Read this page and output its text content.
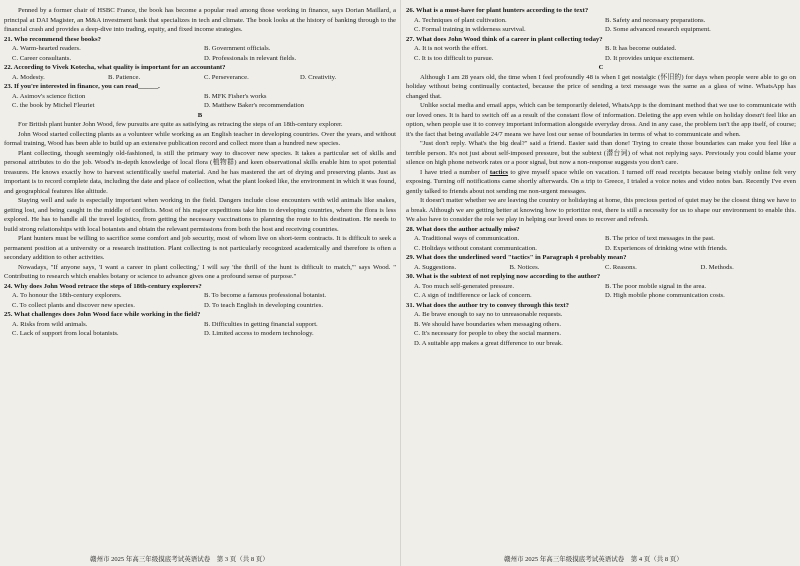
Penned by a former chair of HSBC France, the book has become a popular read among those working in finance, says Dorian Maillard, a principal at DAI Magister, an M&A investment bank that specializes in tech and climate. The book looks at the history of banking through to the financial crash and provides a deep-dive into trading, equity, and fixed income strategies.

21. Who recommend these books?
A. Warm-hearted readers.	B. Government officials.
C. Career consultants.	D. Professionals in relevant fields.
22. According to Vivek Kotecha, what quality is important for an accountant?
A. Modesty.	B. Patience.	C. Perseverance.	D. Creativity.
23. If you're interested in finance, you can read______.
A. Asimov's science fiction	B. MFK Fisher's works
C. the book by Michel Fleuriet	D. Matthew Baker's recommendation
B

For British plant hunter John Wood, few pursuits are quite as satisfying as retracing the steps of an 18th-century explorer.

John Wood started collecting plants as a volunteer while working as an English teacher in developing countries. Over the years, and without formal training, Wood has been able to build up an extensive publication record and collect more than a hundred new species.

Plant collecting, though seemingly old-fashioned, is still the primary way to discover new species. It takes a particular set of skills and personal attributes to do the job. Wood's in-depth knowledge of local flora (植物群) and keen observational skills enable him to spot potential treasures. He knows exactly how to harvest scientifically useful material. And he has mastered the art of drying and preserving plants. Just as important is to record complete data, including the date and place of collection, what the plant looked like, the environment in which it was found, and geographical features like altitude.

Staying well and safe is especially important when working in the field. Dangers include close encounters with wild animals like snakes, getting lost, and being caught in the middle of conflicts. Most of his major expeditions take him to developing countries, where the flora is less explored. He has to handle all the travel logistics, from getting the necessary vaccinations to planning the route to his destination. He needs to build strong relationships with local botanists and obtain the relevant permissions from both the host and receiving countries.

Plant hunters must be willing to sacrifice some comfort and job security, most of whom live on short-term contracts. It is difficult to seek a permanent position at a university or a research institution. Plant collecting is not particularly recognized academically and therefore is often a secondary addition to other activities.

Nowadays, "If anyone says, 'I want a career in plant collecting,' I will say 'the thrill of the hunt is difficult to match,'" says Wood. " Contributing to research which enables botany or science to advance gives one a profound sense of purpose."

24. Why does John Wood retrace the steps of 18th-century explorers?
A. To honour the 18th-century explorers.	B. To become a famous professional botanist.
C. To collect plants and discover new species.	D. To teach English in developing countries.
25. What challenges does John Wood face while working in the field?
A. Risks from wild animals.	B. Difficulties in getting financial support.
C. Lack of support from local botanists.	D. Limited access to modern technology.
26. What is a must-have for plant hunters according to the text?
A. Techniques of plant cultivation.	B. Safety and necessary preparations.
C. Formal training in wilderness survival.	D. Some advanced research equipment.
27. What does John Wood think of a career in plant collecting today?
A. It is not worth the effort.	B. It has become outdated.
C. It is too difficult to pursue.	D. It provides unique excitement.
C

Although I am 28 years old, the time when I feel profoundly 48 is when I get nostalgic (怀旧的) for days when people were able to go on holiday without being continually contacted, because the price of sending a text message was the same as a glass of wine. WhatsApp has changed that.

Unlike social media and email apps, which can be temporarily deleted, WhatsApp is the dominant method that we use to communicate with our loved ones. It is hard to switch off as a result of the constant flow of information. Deleting the app even while on holiday doesn't feel like an option, when people use it to convey important information alongside everyday dross. And in any case, the problem isn't the app itself, of course; it's the fact that being available 24/7 means we have lost our sense of boundaries in terms of what to communicate and when.

"Just don't reply. What's the big deal?" said a friend. Easier said than done! Trying to create those boundaries can make you feel like a terrible person. It's not just about self-imposed pressure, but the subtext (潜台词) of what not replying says. Previously you could blame your silence on high phone network rates or a poor signal, but now a non-response suggests you don't care.

I have tried a number of tactics to give myself space while on vacation. I turned off read receipts because being visibly online felt very exposing. Turning off notifications came shortly afterwards. On a trip to Greece, I trialed a voice notes and video notes ban. Recently I've even gently talked to friends about not sending me non-urgent messages.

It doesn't matter whether we are leaving the country or holidaying at home, this precious period of quiet may be the closest thing we have to a break. Although we are getting better at knowing how to prioritize rest, there is still a necessity for us to shape our environment to enable this. We also have to consider the role we play in helping our loved ones to recover and refresh.

28. What does the author actually miss?
A. Traditional ways of communication.	B. The price of text messages in the past.
C. Holidays without constant communication.	D. Experiences of drinking wine with friends.
29. What does the underlined word "tactics" in Paragraph 4 probably mean?
A. Suggestions.	B. Notices.	C. Reasons.	D. Methods.
30. What is the subtext of not replying now according to the author?
A. Too much self-generated pressure.	B. The poor mobile signal in the area.
C. A sign of indifference or lack of concern.	D. High mobile phone communication costs.
31. What does the author try to convey through this text?
A. Be brave enough to say no to unreasonable requests.
B. We should have boundaries when messaging others.
C. It's necessary for people to obey the social manners.
D. A suitable app makes a great difference to our break.
赣州市 2025 年高三年级摸底考试英语试卷　第 3 页（共 8 页）	赣州市 2025 年高三年级摸底考试英语试卷　第 4 页（共 8 页）
